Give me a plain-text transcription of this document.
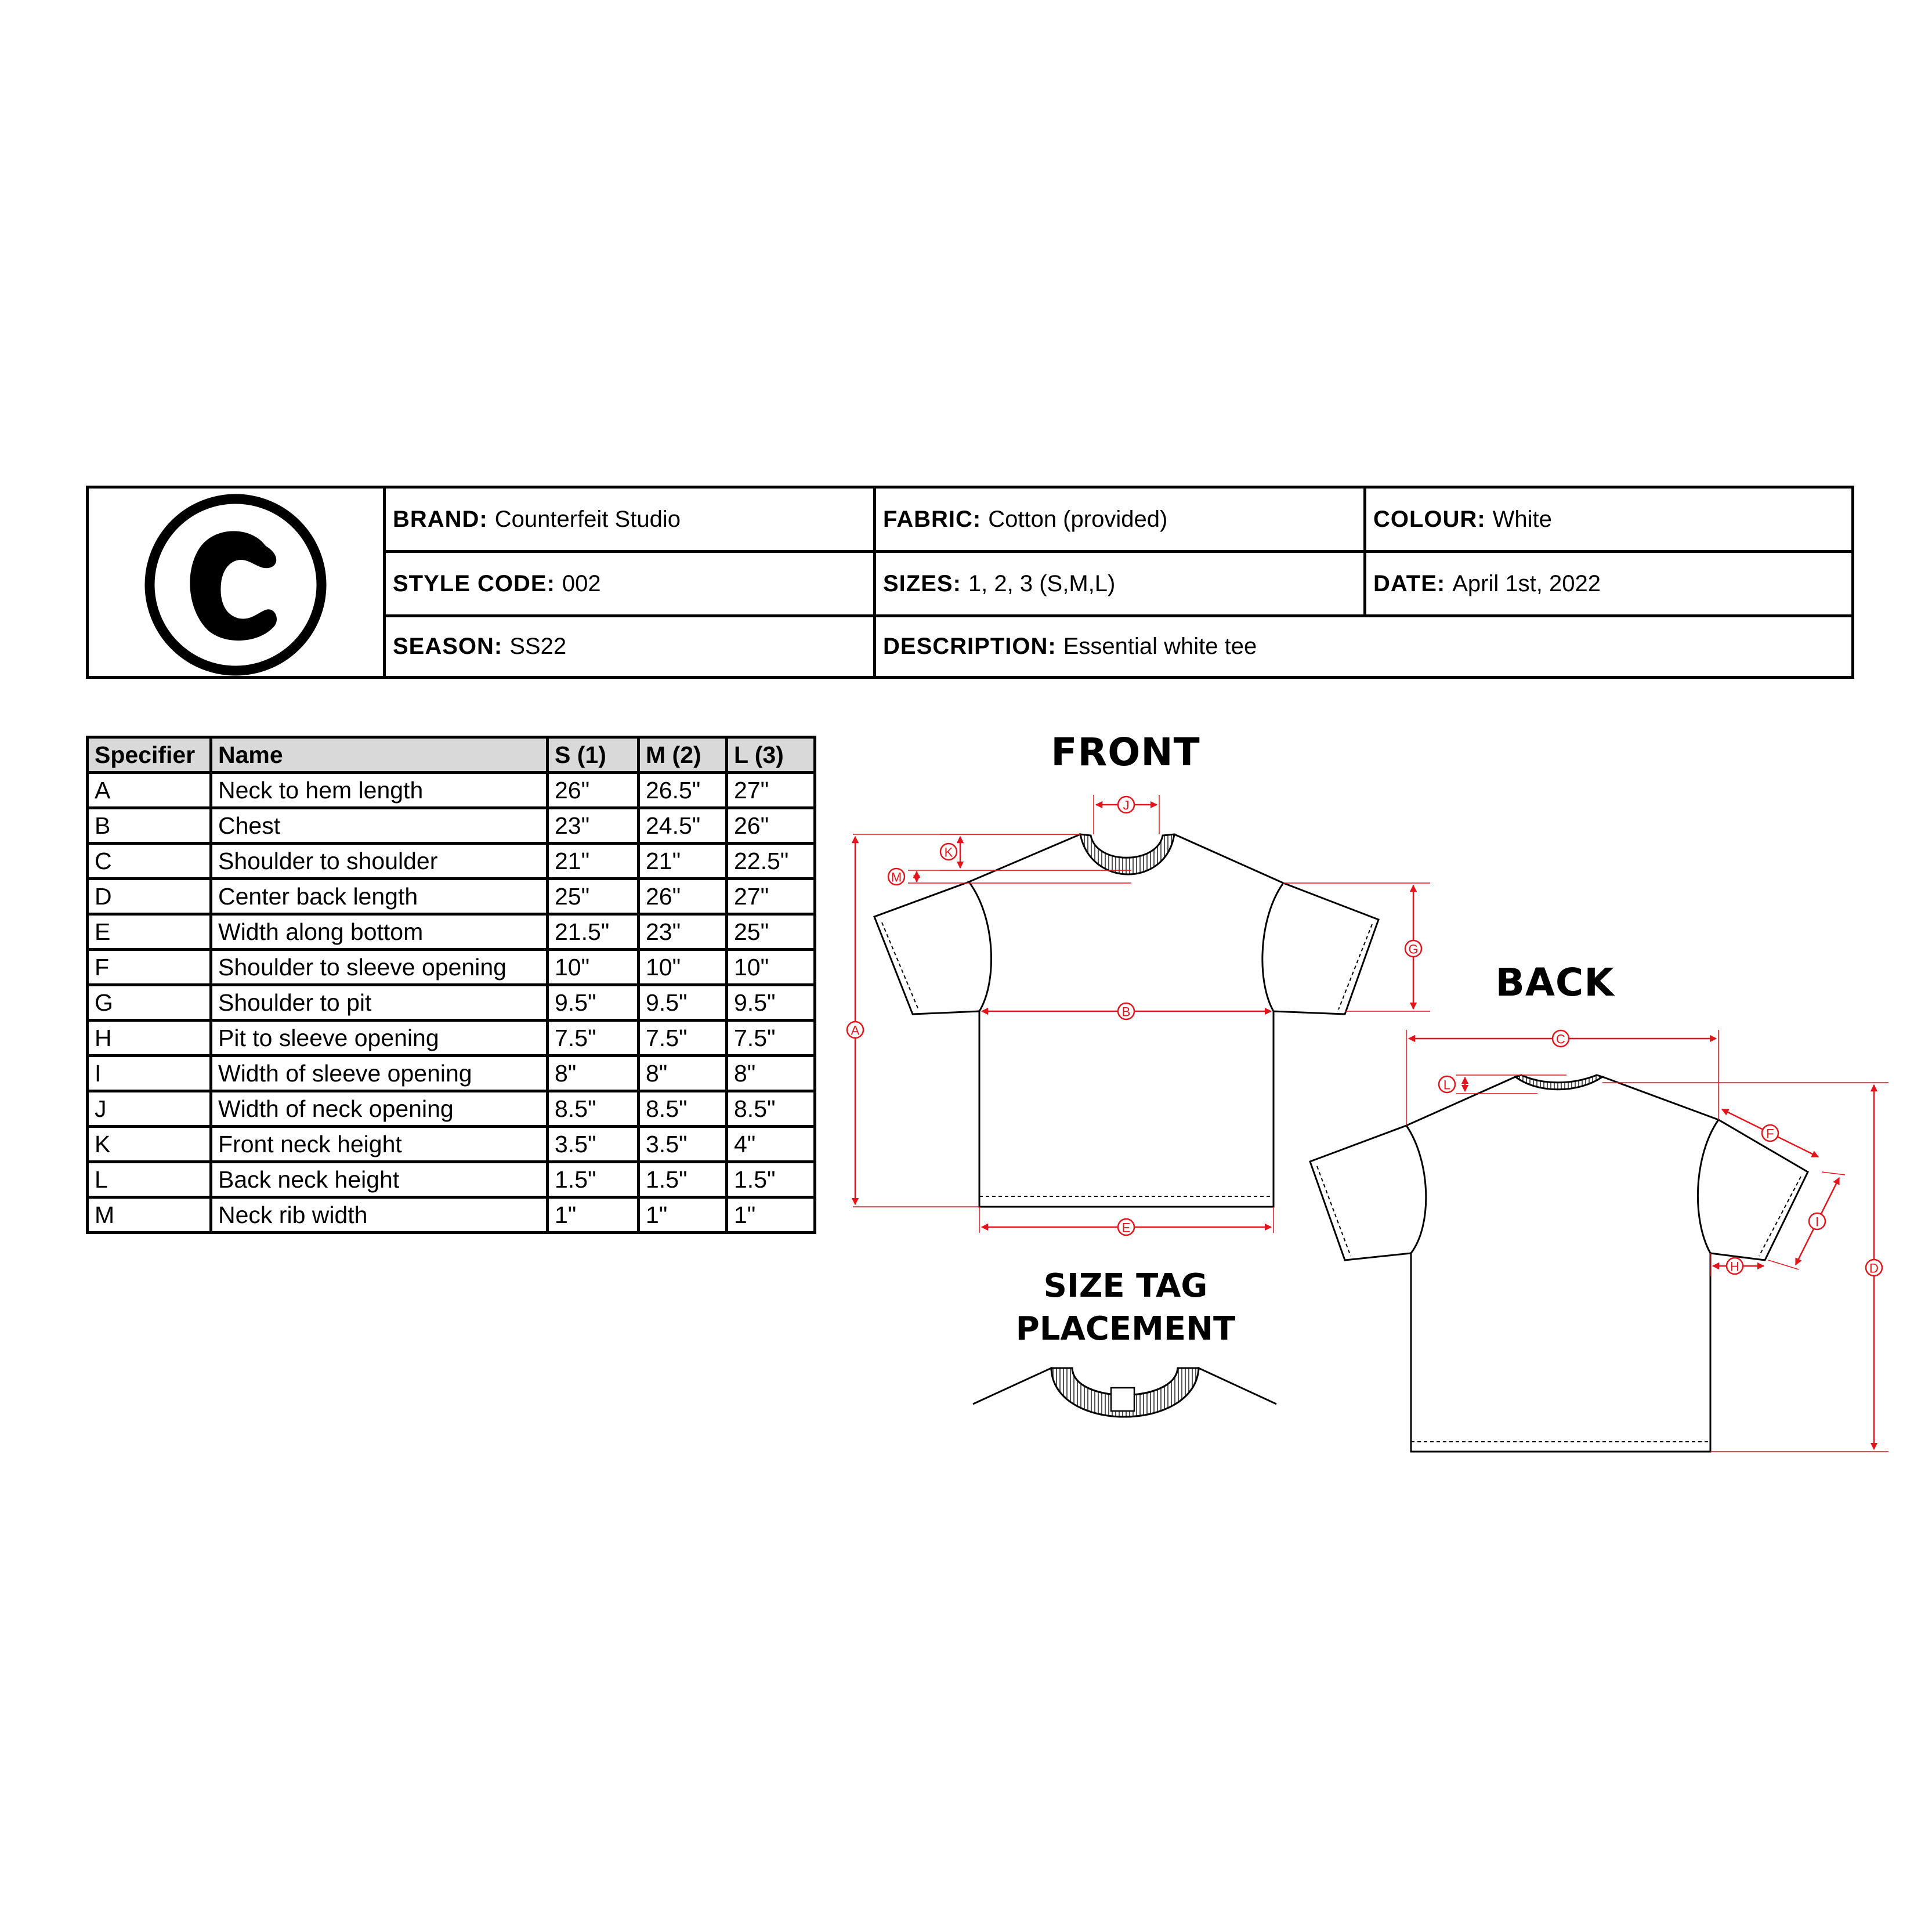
BRAND: Counterfeit Studio	FABRIC: Cotton (provided)	COLOUR: White
STYLE CODE: 002	SIZES: 1, 2, 3 (S,M,L)	DATE: April 1st, 2022
SEASON: SS22	DESCRIPTION: Essential white tee
Specifier	Name	S (1)	M (2)	L (3)
A	Neck to hem length	26"	26.5"	27"
B	Chest	23"	24.5"	26"
C	Shoulder to shoulder	21"	21"	22.5"
D	Center back length	25"	26"	27"
E	Width along bottom	21.5"	23"	25"
F	Shoulder to sleeve opening	10"	10"	10"
G	Shoulder to pit	9.5"	9.5"	9.5"
H	Pit to sleeve opening	7.5"	7.5"	7.5"
I	Width of sleeve opening	8"	8"	8"
J	Width of neck opening	8.5"	8.5"	8.5"
K	Front neck height	3.5"	3.5"	4"
L	Back neck height	1.5"	1.5"	1.5"
M	Neck rib width	1"	1"	1"
FRONT
BACK
SIZE TAG
PLACEMENT
A
B
E
G
J
K
M
C
D
L
F
I
H
